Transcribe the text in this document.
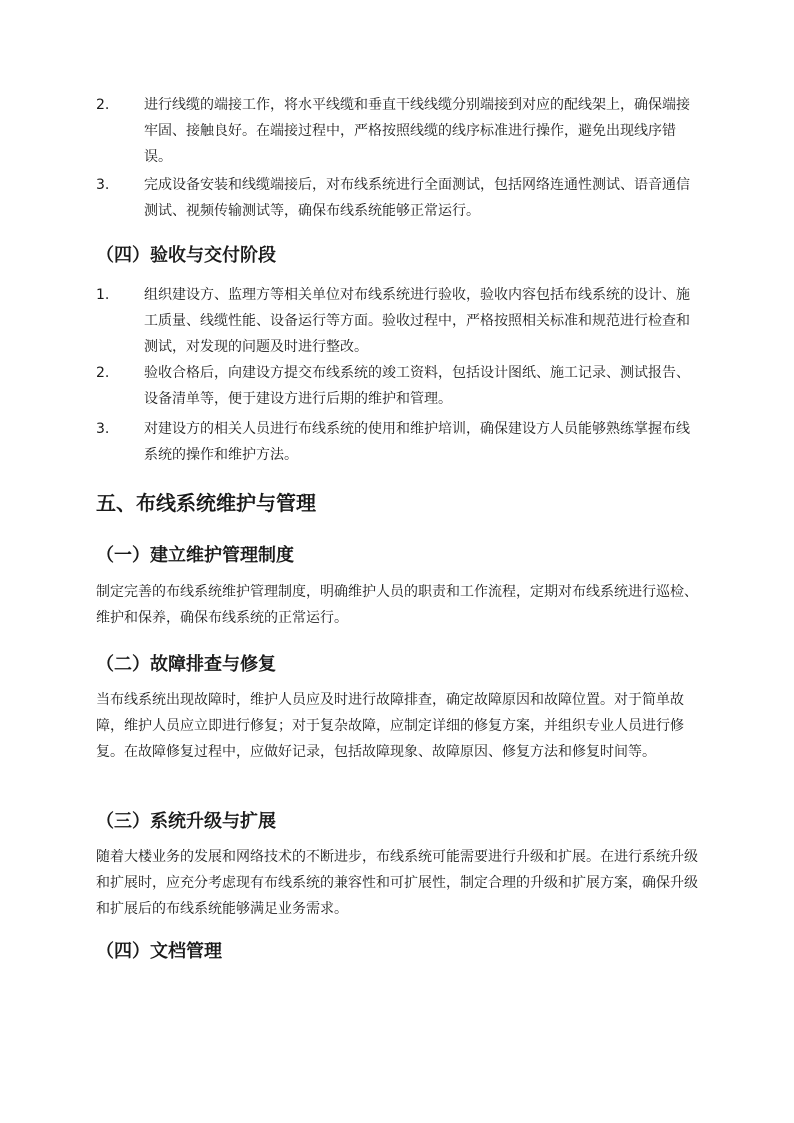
2. 进行线缆的端接工作，将水平线缆和垂直干线线缆分别端接到对应的配线架上，确保端接牢固、接触良好。在端接过程中，严格按照线缆的线序标准进行操作，避免出现线序错误。
3. 完成设备安装和线缆端接后，对布线系统进行全面测试，包括网络连通性测试、语音通信测试、视频传输测试等，确保布线系统能够正常运行。
（四）验收与交付阶段
1. 组织建设方、监理方等相关单位对布线系统进行验收，验收内容包括布线系统的设计、施工质量、线缆性能、设备运行等方面。验收过程中，严格按照相关标准和规范进行检查和测试，对发现的问题及时进行整改。
2. 验收合格后，向建设方提交布线系统的竣工资料，包括设计图纸、施工记录、测试报告、设备清单等，便于建设方进行后期的维护和管理。
3. 对建设方的相关人员进行布线系统的使用和维护培训，确保建设方人员能够熟练掌握布线系统的操作和维护方法。
五、布线系统维护与管理
（一）建立维护管理制度
制定完善的布线系统维护管理制度，明确维护人员的职责和工作流程，定期对布线系统进行巡检、维护和保养，确保布线系统的正常运行。
（二）故障排查与修复
当布线系统出现故障时，维护人员应及时进行故障排查，确定故障原因和故障位置。对于简单故障，维护人员应立即进行修复；对于复杂故障，应制定详细的修复方案，并组织专业人员进行修复。在故障修复过程中，应做好记录，包括故障现象、故障原因、修复方法和修复时间等。
（三）系统升级与扩展
随着大楼业务的发展和网络技术的不断进步，布线系统可能需要进行升级和扩展。在进行系统升级和扩展时，应充分考虑现有布线系统的兼容性和可扩展性，制定合理的升级和扩展方案，确保升级和扩展后的布线系统能够满足业务需求。
（四）文档管理
